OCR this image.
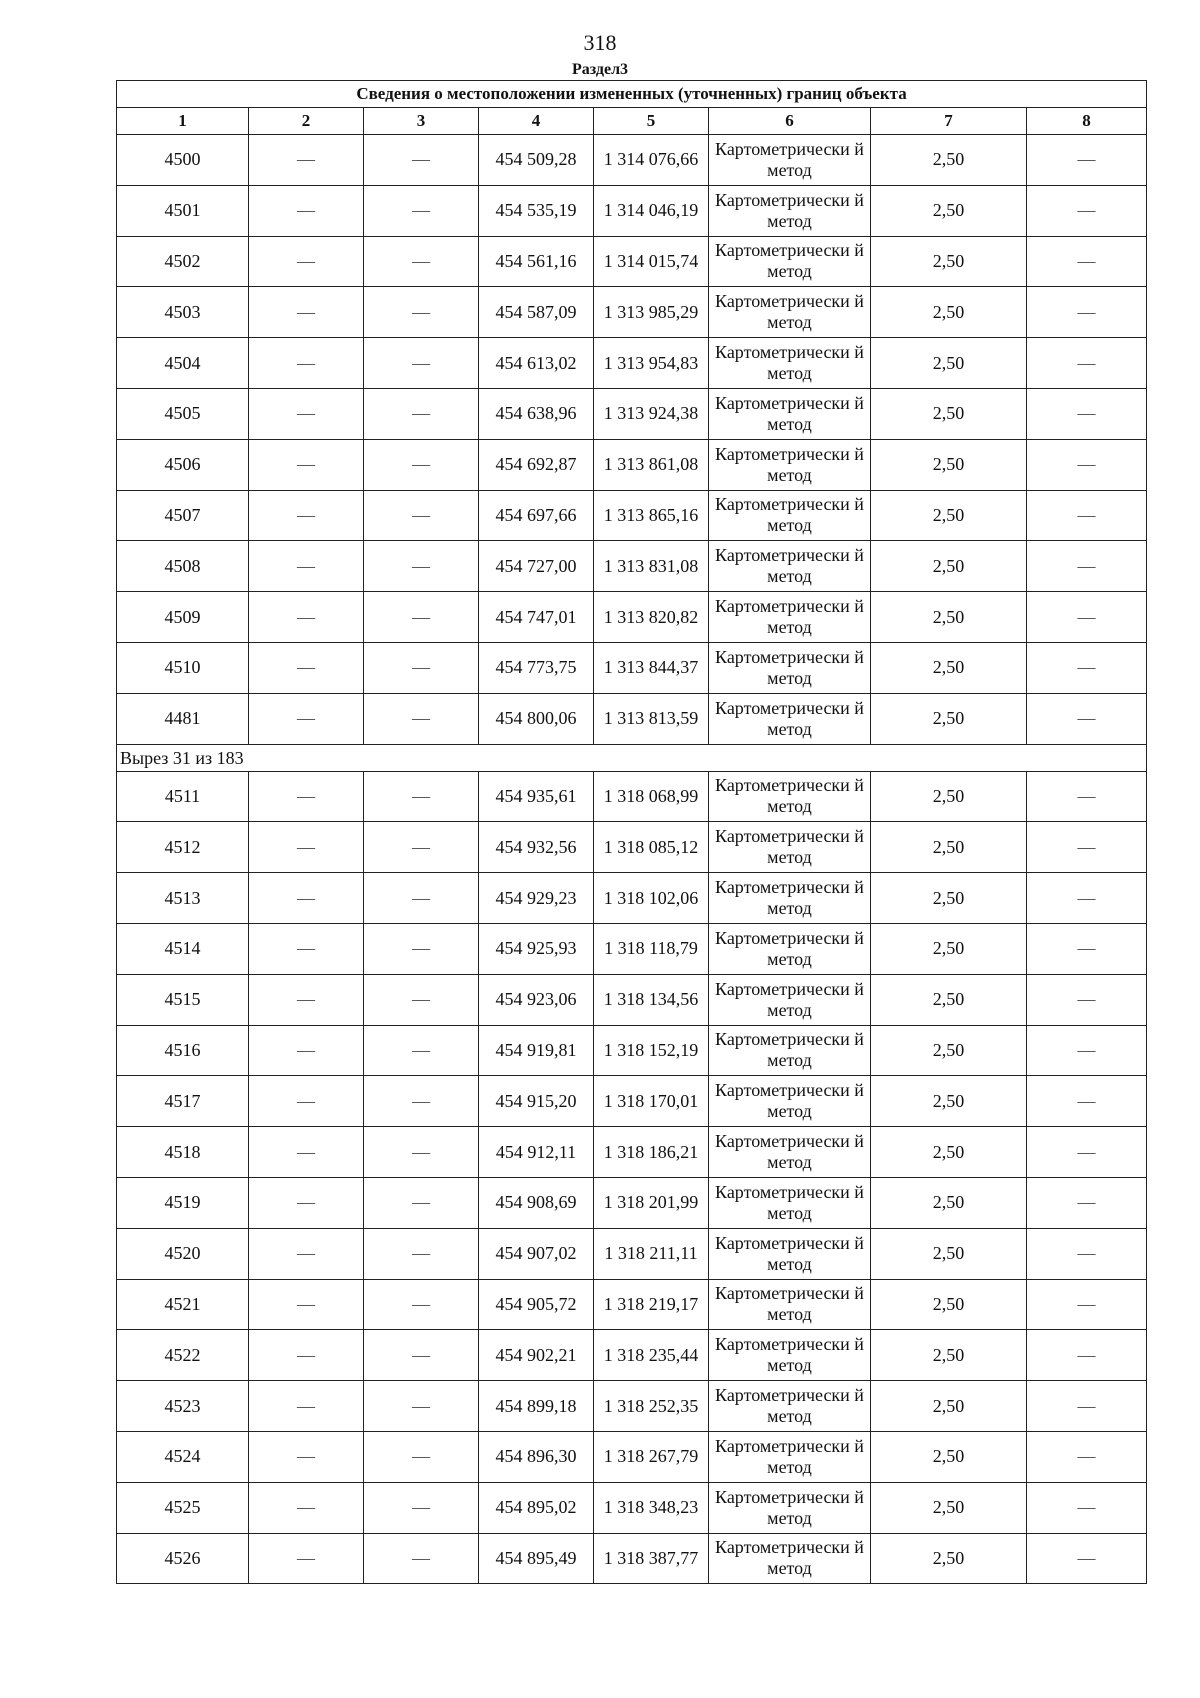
318
Раздел3
Сведения о местоположении измененных (уточненных) границ объекта							
1	2	3	4	5	6	7	8
4500	—	—	454 509,28	1 314 076,66	Картометрически й метод	2,50	—
4501	—	—	454 535,19	1 314 046,19	Картометрически й метод	2,50	—
4502	—	—	454 561,16	1 314 015,74	Картометрически й метод	2,50	—
4503	—	—	454 587,09	1 313 985,29	Картометрически й метод	2,50	—
4504	—	—	454 613,02	1 313 954,83	Картометрически й метод	2,50	—
4505	—	—	454 638,96	1 313 924,38	Картометрически й метод	2,50	—
4506	—	—	454 692,87	1 313 861,08	Картометрически й метод	2,50	—
4507	—	—	454 697,66	1 313 865,16	Картометрически й метод	2,50	—
4508	—	—	454 727,00	1 313 831,08	Картометрически й метод	2,50	—
4509	—	—	454 747,01	1 313 820,82	Картометрически й метод	2,50	—
4510	—	—	454 773,75	1 313 844,37	Картометрически й метод	2,50	—
4481	—	—	454 800,06	1 313 813,59	Картометрически й метод	2,50	—
Вырез 31 из 183							
4511	—	—	454 935,61	1 318 068,99	Картометрически й метод	2,50	—
4512	—	—	454 932,56	1 318 085,12	Картометрически й метод	2,50	—
4513	—	—	454 929,23	1 318 102,06	Картометрически й метод	2,50	—
4514	—	—	454 925,93	1 318 118,79	Картометрически й метод	2,50	—
4515	—	—	454 923,06	1 318 134,56	Картометрически й метод	2,50	—
4516	—	—	454 919,81	1 318 152,19	Картометрически й метод	2,50	—
4517	—	—	454 915,20	1 318 170,01	Картометрически й метод	2,50	—
4518	—	—	454 912,11	1 318 186,21	Картометрически й метод	2,50	—
4519	—	—	454 908,69	1 318 201,99	Картометрически й метод	2,50	—
4520	—	—	454 907,02	1 318 211,11	Картометрически й метод	2,50	—
4521	—	—	454 905,72	1 318 219,17	Картометрически й метод	2,50	—
4522	—	—	454 902,21	1 318 235,44	Картометрически й метод	2,50	—
4523	—	—	454 899,18	1 318 252,35	Картометрически й метод	2,50	—
4524	—	—	454 896,30	1 318 267,79	Картометрически й метод	2,50	—
4525	—	—	454 895,02	1 318 348,23	Картометрически й метод	2,50	—
4526	—	—	454 895,49	1 318 387,77	Картометрически й метод	2,50	—
